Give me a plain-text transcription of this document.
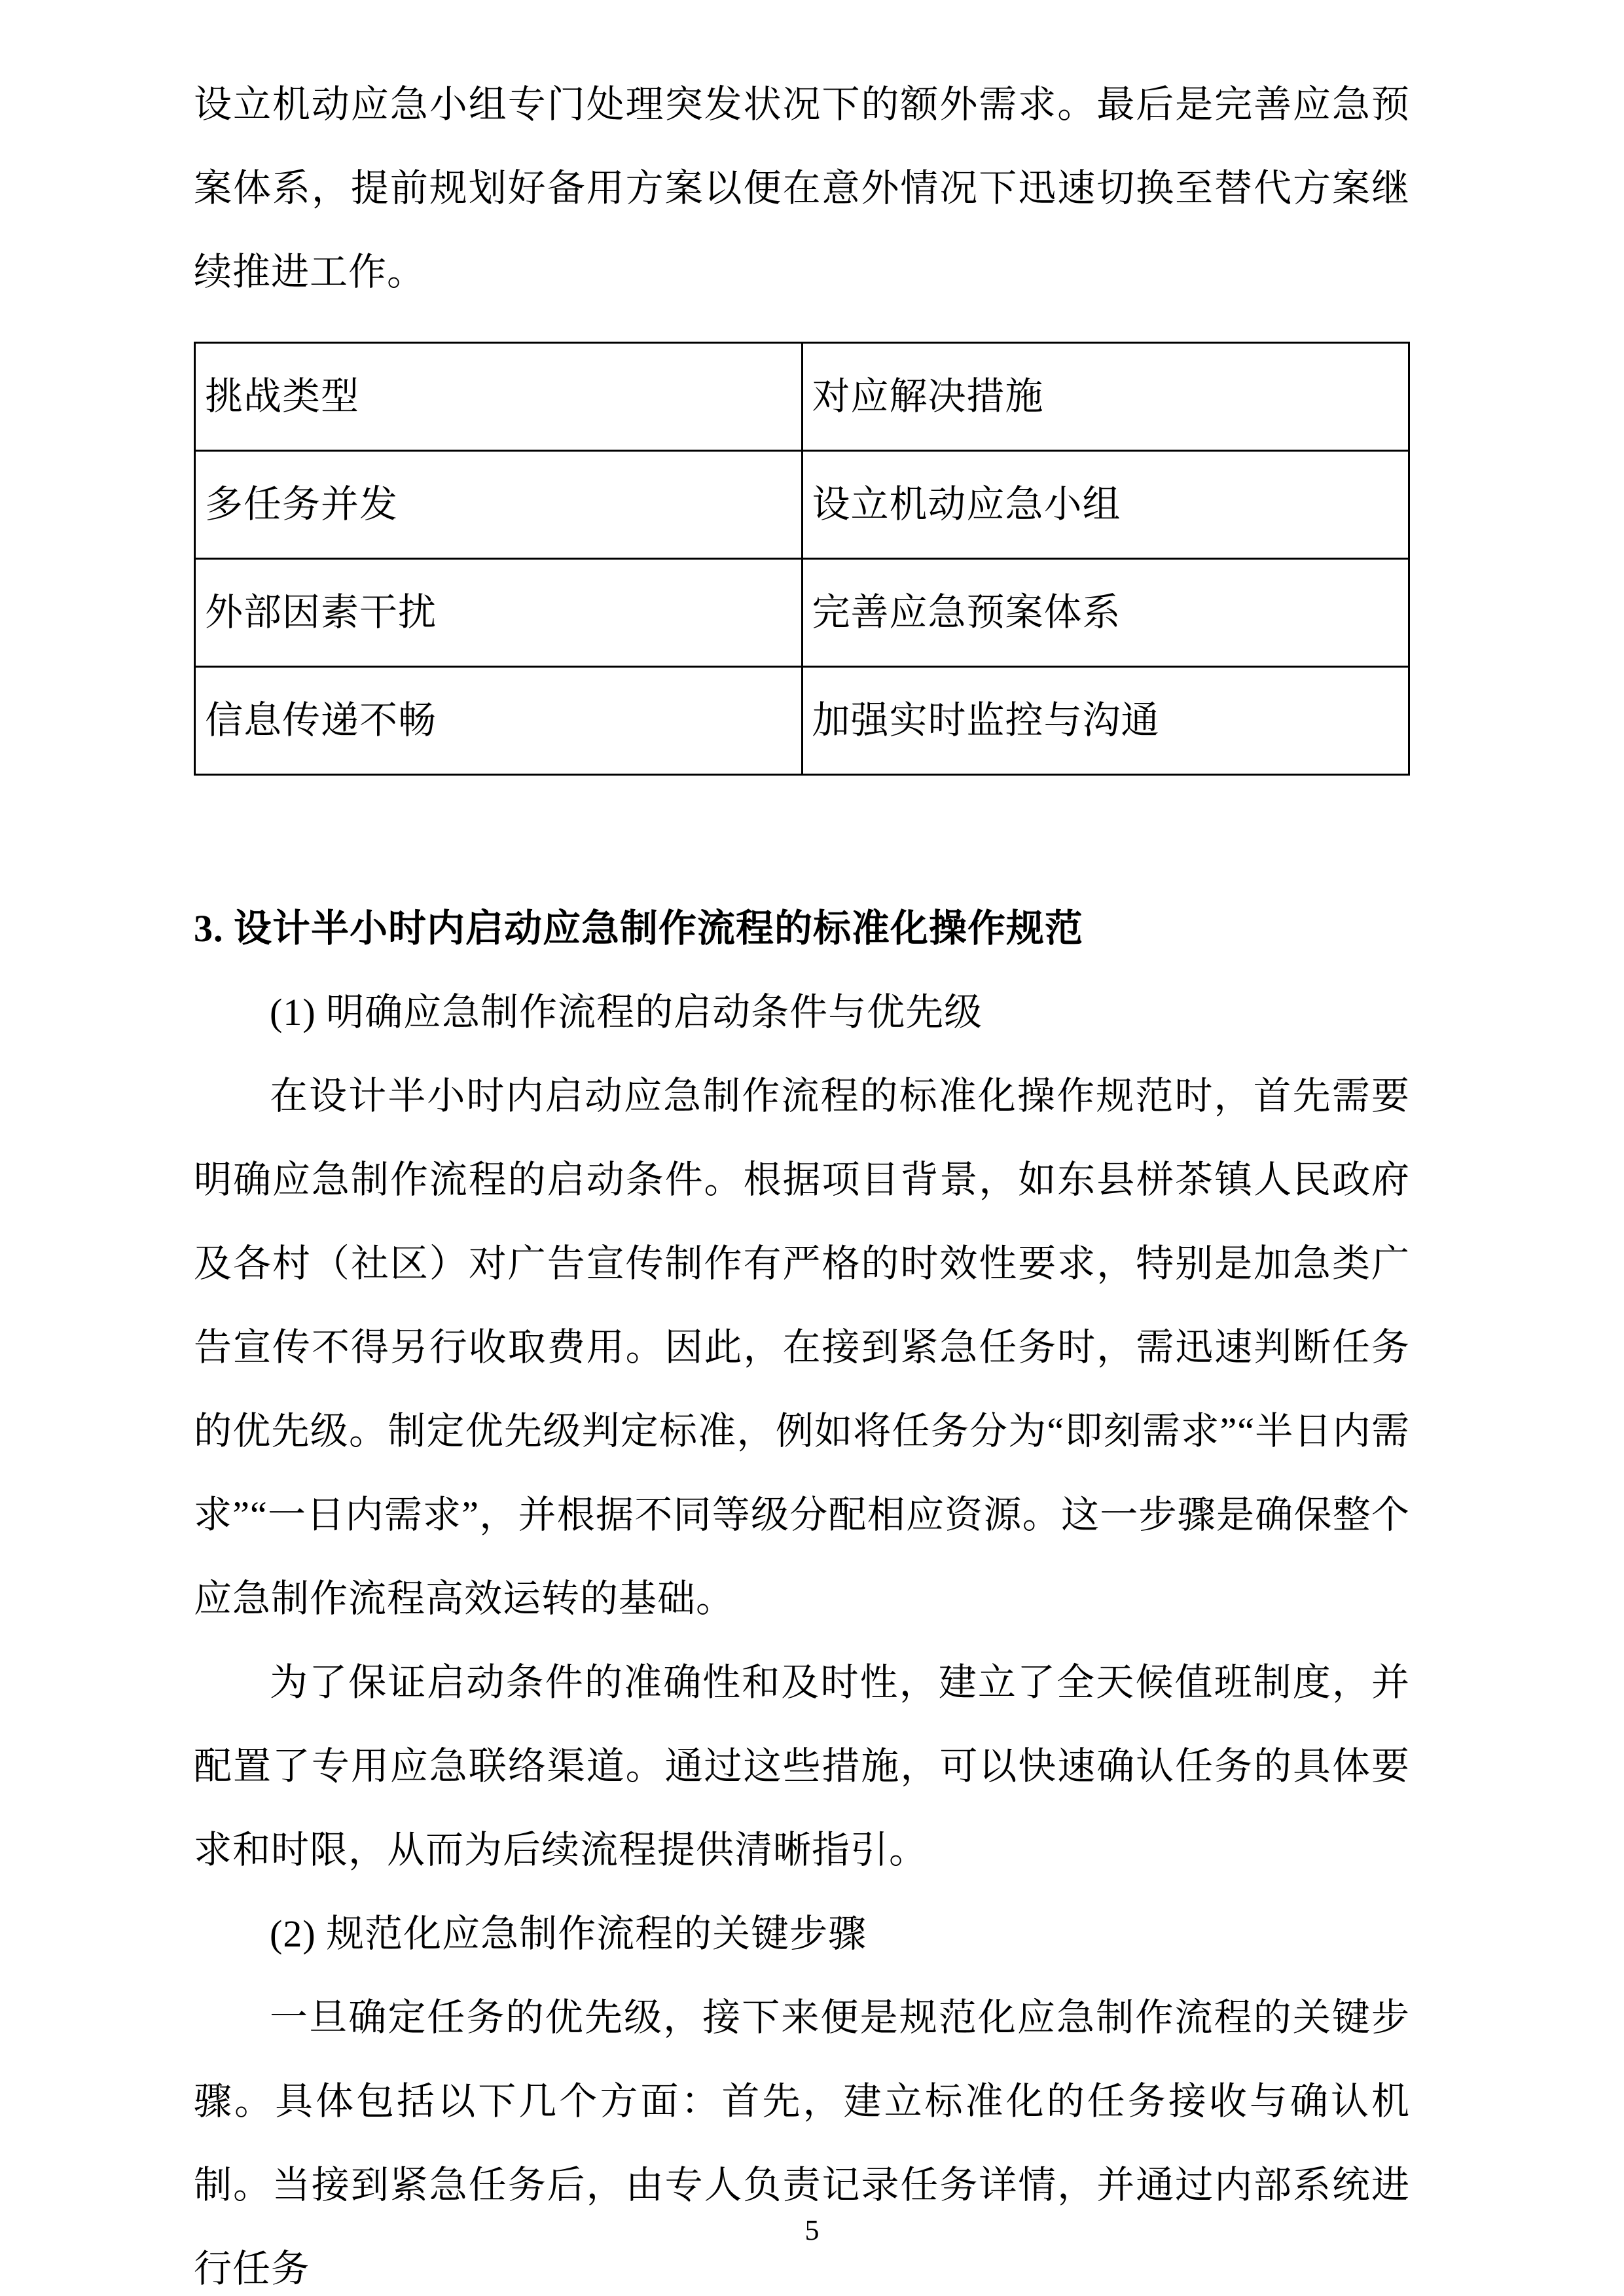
设立机动应急小组专门处理突发状况下的额外需求。最后是完善应急预案体系，提前规划好备用方案以便在意外情况下迅速切换至替代方案继续推进工作。

挑战类型	对应解决措施
多任务并发	设立机动应急小组
外部因素干扰	完善应急预案体系
信息传递不畅	加强实时监控与沟通
3. 设计半小时内启动应急制作流程的标准化操作规范

(1) 明确应急制作流程的启动条件与优先级

在设计半小时内启动应急制作流程的标准化操作规范时，首先需要明确应急制作流程的启动条件。根据项目背景，如东县栟茶镇人民政府及各村（社区）对广告宣传制作有严格的时效性要求，特别是加急类广告宣传不得另行收取费用。因此，在接到紧急任务时，需迅速判断任务的优先级。制定优先级判定标准，例如将任务分为“即刻需求”“半日内需求”“一日内需求”，并根据不同等级分配相应资源。这一步骤是确保整个应急制作流程高效运转的基础。

为了保证启动条件的准确性和及时性，建立了全天候值班制度，并配置了专用应急联络渠道。通过这些措施，可以快速确认任务的具体要求和时限，从而为后续流程提供清晰指引。

(2) 规范化应急制作流程的关键步骤

一旦确定任务的优先级，接下来便是规范化应急制作流程的关键步骤。具体包括以下几个方面：首先，建立标准化的任务接收与确认机制。当接到紧急任务后，由专人负责记录任务详情，并通过内部系统进行任务

5
